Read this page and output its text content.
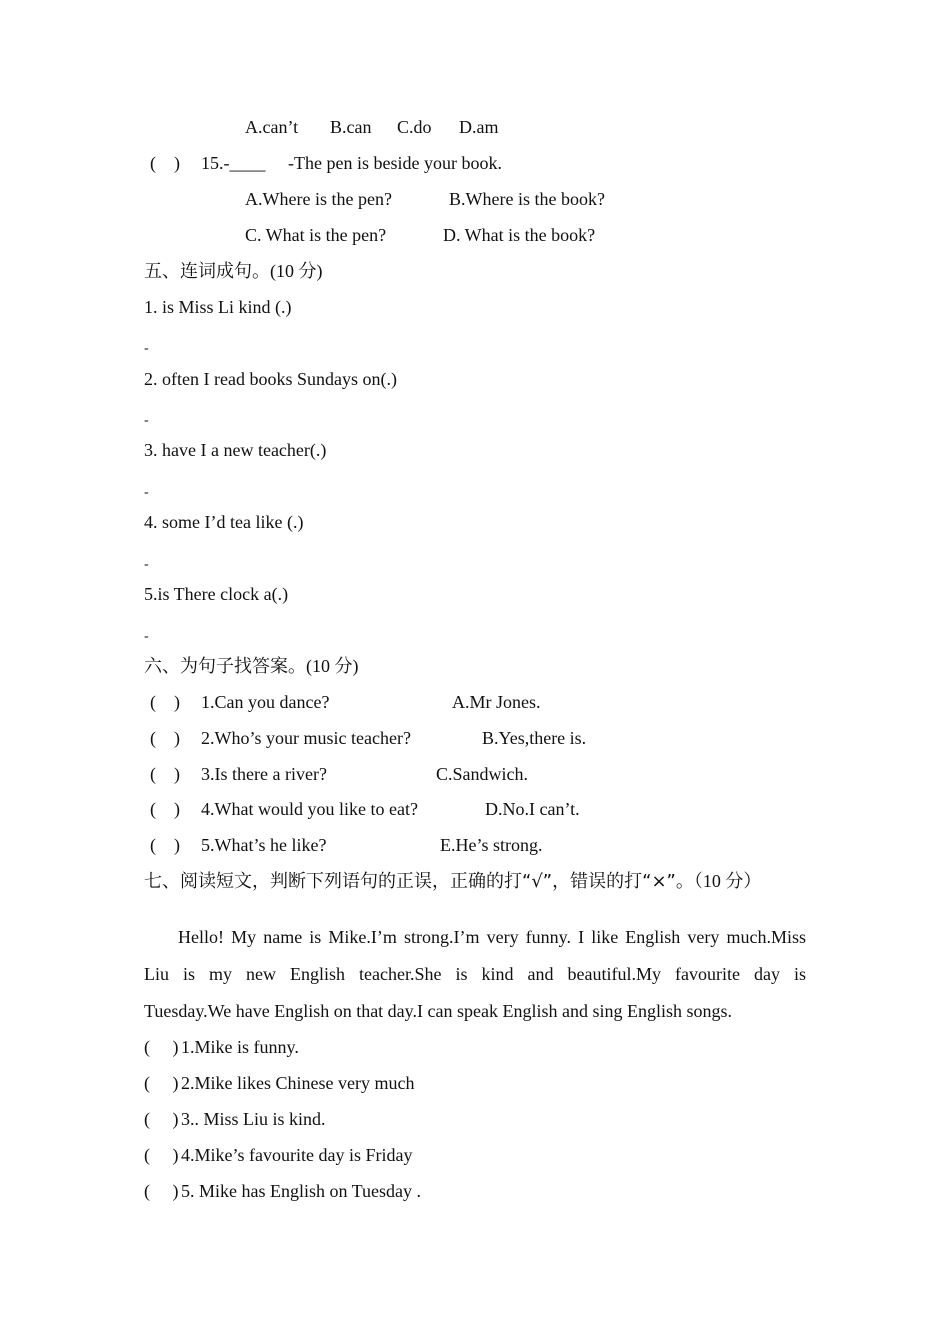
A.can’t B.can C.do D.am
(    ) 15.-____     -The pen is beside your book.
A.Where is the pen?	B.Where is the book?
C. What is the pen?	D. What is the book?
五、连词成句。(10 分)
1. is Miss Li kind (.)
-
2. often I read books Sundays on(.)
-
3. have I a new teacher(.)
-
4. some I’d tea like (.)
-
5.is There clock a(.)
-
六、为句子找答案。(10 分)
(    ) 1.Can you dance?	A.Mr Jones.
(    ) 2.Who’s your music teacher?	B.Yes,there is.
(    ) 3.Is there a river?	C.Sandwich.
(    ) 4.What would you like to eat?	D.No.I can’t.
(    ) 5.What’s he like?	E.He’s strong.
七、阅读短文，判断下列语句的正误，正确的打“√”，错误的打“×”。（10 分）
Hello! My name is Mike.I’m strong.I’m very funny. I like English very much.Miss
Liu is my new English teacher.She is kind and beautiful.My favourite day is
Tuesday.We have English on that day.I can speak English and sing English songs.
(     ) 1.Mike is funny.
(     ) 2.Mike likes Chinese very much
(     ) 3.. Miss Liu is kind.
(     ) 4.Mike’s favourite day is Friday
(     ) 5. Mike has English on Tuesday .
